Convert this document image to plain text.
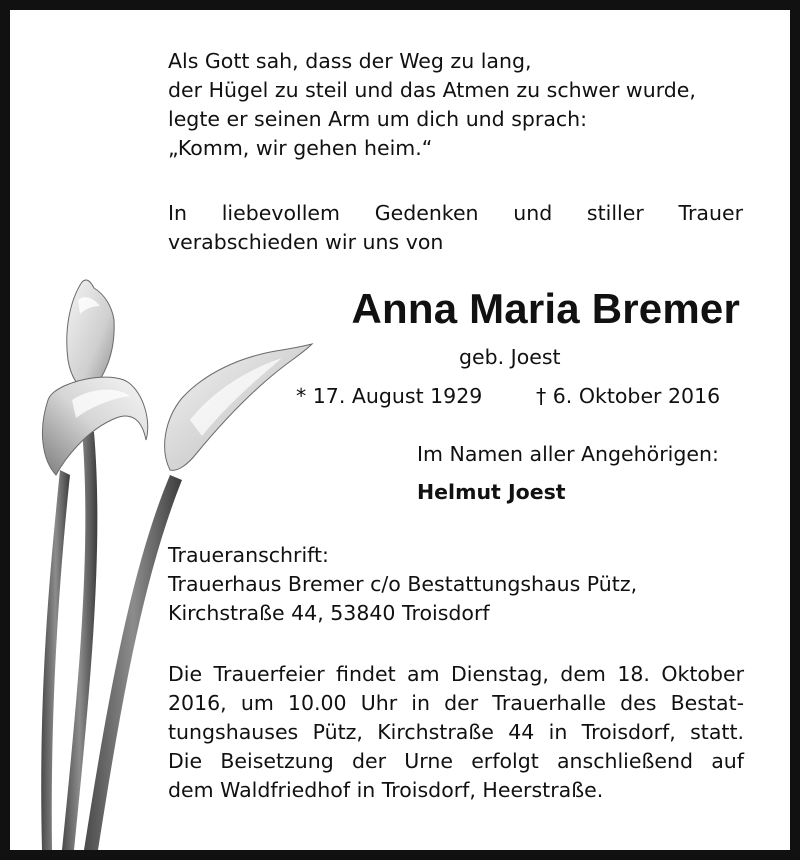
Als Gott sah, dass der Weg zu lang,
der Hügel zu steil und das Atmen zu schwer wurde,
legte er seinen Arm um dich und sprach:
„Komm, wir gehen heim.“
In liebevollem Gedenken und stiller Trauer
verabschieden wir uns von
Anna Maria Bremer
geb. Joest
* 17. August 1929	† 6. Oktober 2016
Im Namen aller Angehörigen:
Helmut Joest
Traueranschrift:
Trauerhaus Bremer c/o Bestattungshaus Pütz,
Kirchstraße 44, 53840 Troisdorf
Die Trauerfeier findet am Dienstag, dem 18. Oktober
2016, um 10.00 Uhr in der Trauerhalle des Bestat-
tungshauses Pütz, Kirchstraße 44 in Troisdorf, statt.
Die Beisetzung der Urne erfolgt anschließend auf
dem Waldfriedhof in Troisdorf, Heerstraße.
